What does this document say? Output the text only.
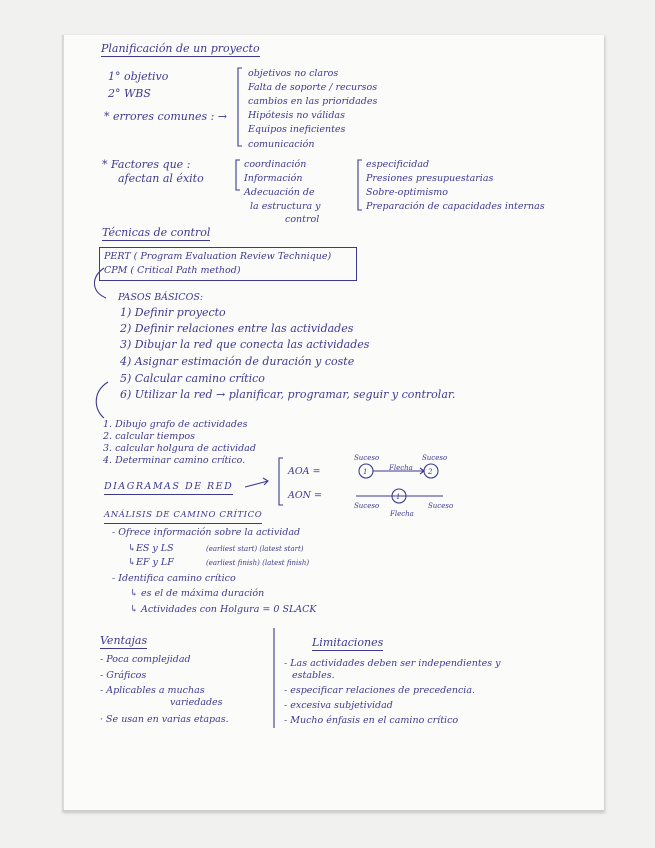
Planificación de un proyecto
1° objetivo
2° WBS
* errores comunes : →
objetivos no claros
Falta de soporte / recursos
cambios en las prioridades
Hipótesis no válidas
Equipos ineficientes
comunicación
* Factores que :
afectan al éxito
coordinación
Información
Adecuación de
la estructura y
control
especificidad
Presiones presupuestarias
Sobre-optimismo
Preparación de capacidades internas
Técnicas de control
PERT ( Program Evaluation Review Technique)
CPM ( Critical Path method)
PASOS BÁSICOS:
1) Definir proyecto
2) Definir relaciones entre las actividades
3) Dibujar la red que conecta las actividades
4) Asignar estimación de duración y coste
5) Calcular camino crítico
6) Utilizar la red → planificar, programar, seguir y controlar.
1. Dibujo grafo de actividades
2. calcular tiempos
3. calcular holgura de actividad
4. Determinar camino crítico.
DIAGRAMAS DE RED
AOA =
AON =
Suceso	Suceso
Flecha
1	2
1
Suceso	Suceso
Flecha
ANÁLISIS DE CAMINO CRÍTICO
- Ofrece información sobre la actividad
↳ES y LS	(earliest start) (latest start)
↳EF y LF	(earliest finish) (latest finish)
- Identifica camino crítico
↳ es el de máxima duración
↳ Actividades con Holgura = 0 SLACK
Ventajas
- Poca complejidad
- Gráficos
- Aplicables a muchas
variedades
· Se usan en varias etapas.
Limitaciones
- Las actividades deben ser independientes y
estables.
- especificar relaciones de precedencia.
- excesiva subjetividad
- Mucho énfasis en el camino crítico
